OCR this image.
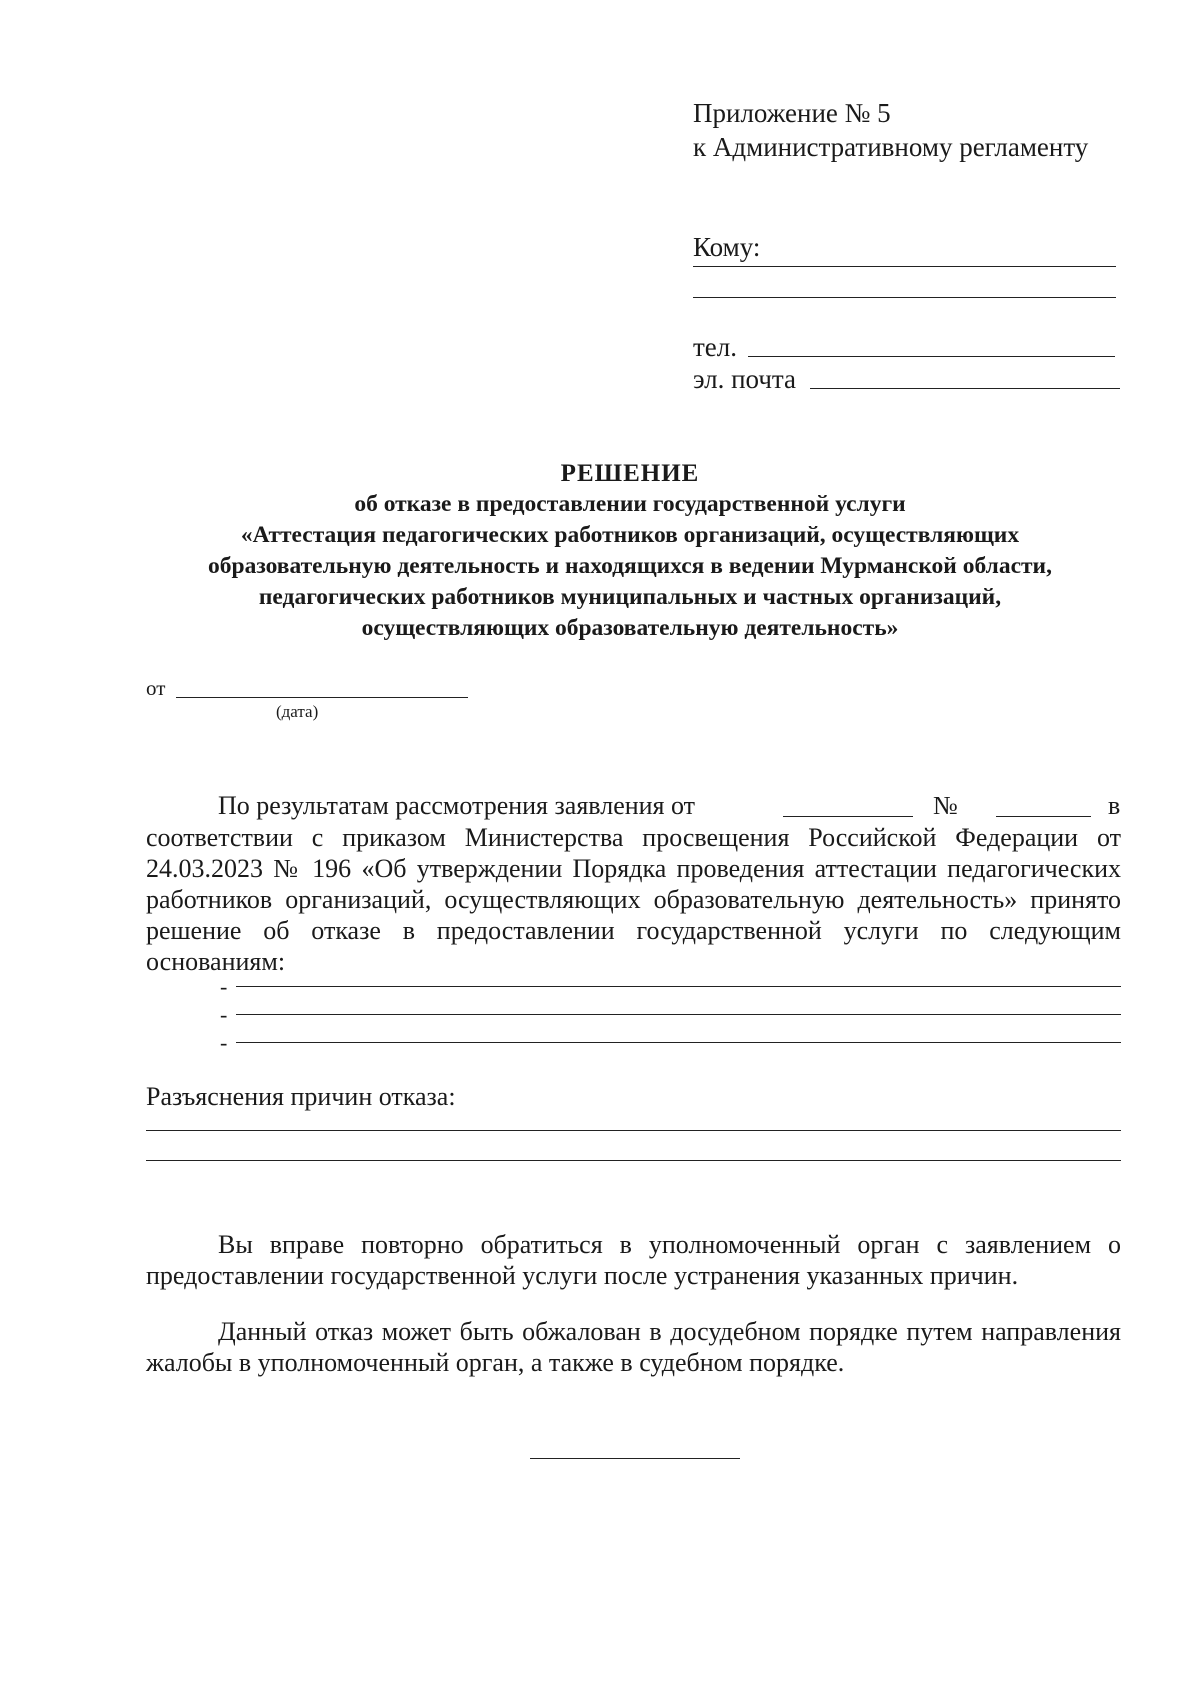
Приложение № 5
к Административному регламенту
Кому:
тел.
эл. почта
РЕШЕНИЕ
об отказе в предоставлении государственной услуги
«Аттестация педагогических работников организаций, осуществляющих
образовательную деятельность и находящихся в ведении Мурманской области,
педагогических работников муниципальных и частных организаций,
осуществляющих образовательную деятельность»
от
(дата)
По результатам рассмотрения заявления от	№	в
соответствии с приказом Министерства просвещения Российской Федерации от 24.03.2023 № 196 «Об утверждении Порядка проведения аттестации педагогических работников организаций, осуществляющих образовательную деятельность» принято решение об отказе в предоставлении государственной услуги по следующим основаниям:
-
-
-
Разъяснения причин отказа:
Вы вправе повторно обратиться в уполномоченный орган с заявлением о предоставлении государственной услуги после устранения указанных причин.
Данный отказ может быть обжалован в досудебном порядке путем направления жалобы в уполномоченный орган, а также в судебном порядке.
